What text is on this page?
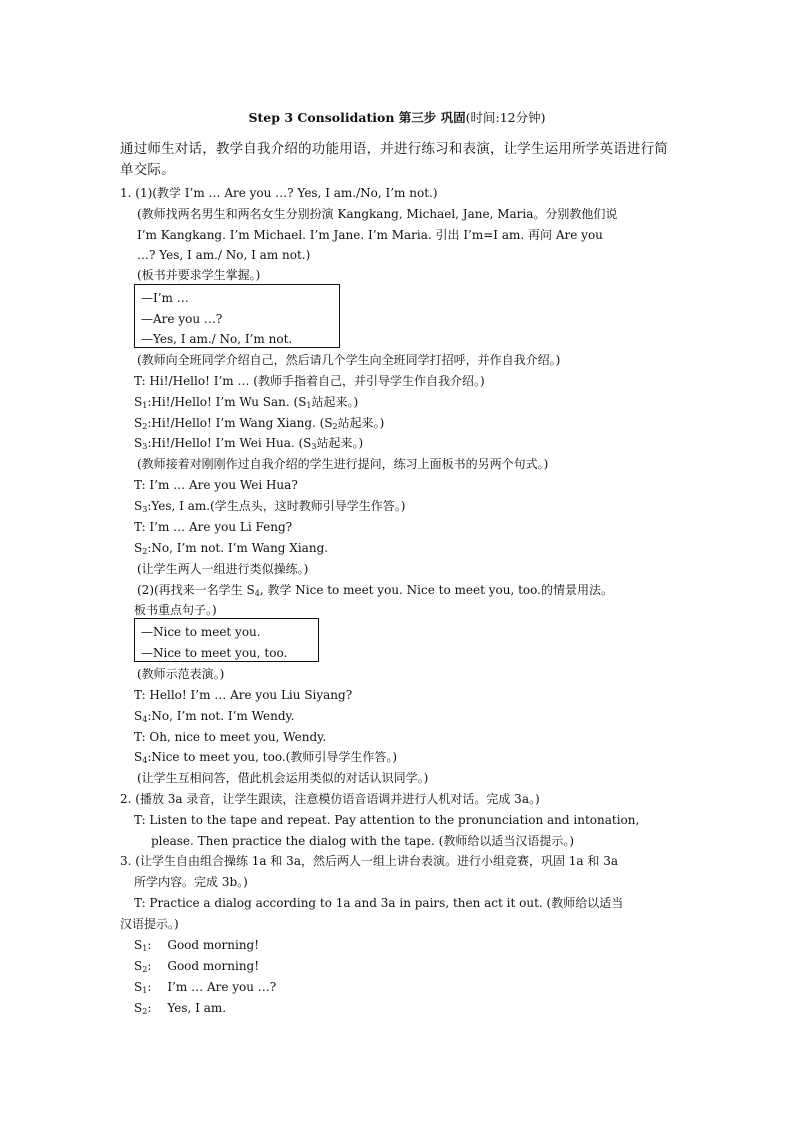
Step 3 Consolidation 第三步 巩固(时间:12分钟)
通过师生对话，教学自我介绍的功能用语，并进行练习和表演，让学生运用所学英语进行简
单交际。
1. (1)(教学 I’m … Are you …? Yes, I am./No, I’m not.)
(教师找两名男生和两名女生分别扮演 Kangkang, Michael, Jane, Maria。分别教他们说
I’m Kangkang. I’m Michael. I’m Jane. I’m Maria. 引出 I’m=I am. 再问 Are you
…? Yes, I am./ No, I am not.)
(板书并要求学生掌握。)
—I’m …
—Are you …?
—Yes, I am./ No, I’m not.
(教师向全班同学介绍自己，然后请几个学生向全班同学打招呼，并作自我介绍。)
T: Hi!/Hello! I’m … (教师手指着自己，并引导学生作自我介绍。)
$S_1:Hi$!/Hello! I’m Wu San. ($S_1$站起来。)
$S_2:Hi$!/Hello! I’m Wang Xiang. ($S_2$站起来。)
$S_3:Hi$!/Hello! I’m Wei Hua. ($S_3$站起来。)
(教师接着对刚刚作过自我介绍的学生进行提问，练习上面板书的另两个句式。)
T: I’m … Are you Wei Hua?
$S_3:Yes$, I am.(学生点头，这时教师引导学生作答。)
T: I’m … Are you Li Feng?
$S_2:No$, I’m not. I’m Wang Xiang.
(让学生两人一组进行类似操练。)
(2)(再找来一名学生 $S_4$, 教学 Nice to meet you. Nice to meet you, too.的情景用法。
板书重点句子。)
—Nice to meet you.
—Nice to meet you, too.
(教师示范表演。)
T: Hello! I’m … Are you Liu Siyang?
$S_4:No$, I’m not. I’m Wendy.
T: Oh, nice to meet you, Wendy.
$S_4:Nice$ to meet you, too.(教师引导学生作答。)
(让学生互相问答，借此机会运用类似的对话认识同学。)
2. (播放 3a 录音，让学生跟读，注意模仿语音语调并进行人机对话。完成 3a。)
T: Listen to the tape and repeat. Pay attention to the pronunciation and intonation,
please. Then practice the dialog with the tape. (教师给以适当汉语提示。)
3. (让学生自由组合操练 1a 和 3a，然后两人一组上讲台表演。进行小组竞赛，巩固 1a 和 3a
所学内容。完成 3b。)
T: Practice a dialog according to 1a and 3a in pairs, then act it out. (教师给以适当
汉语提示。)
$S_1$: Good morning!
$S_2$: Good morning!
$S_1$: I’m … Are you …?
$S_2$: Yes, I am.
